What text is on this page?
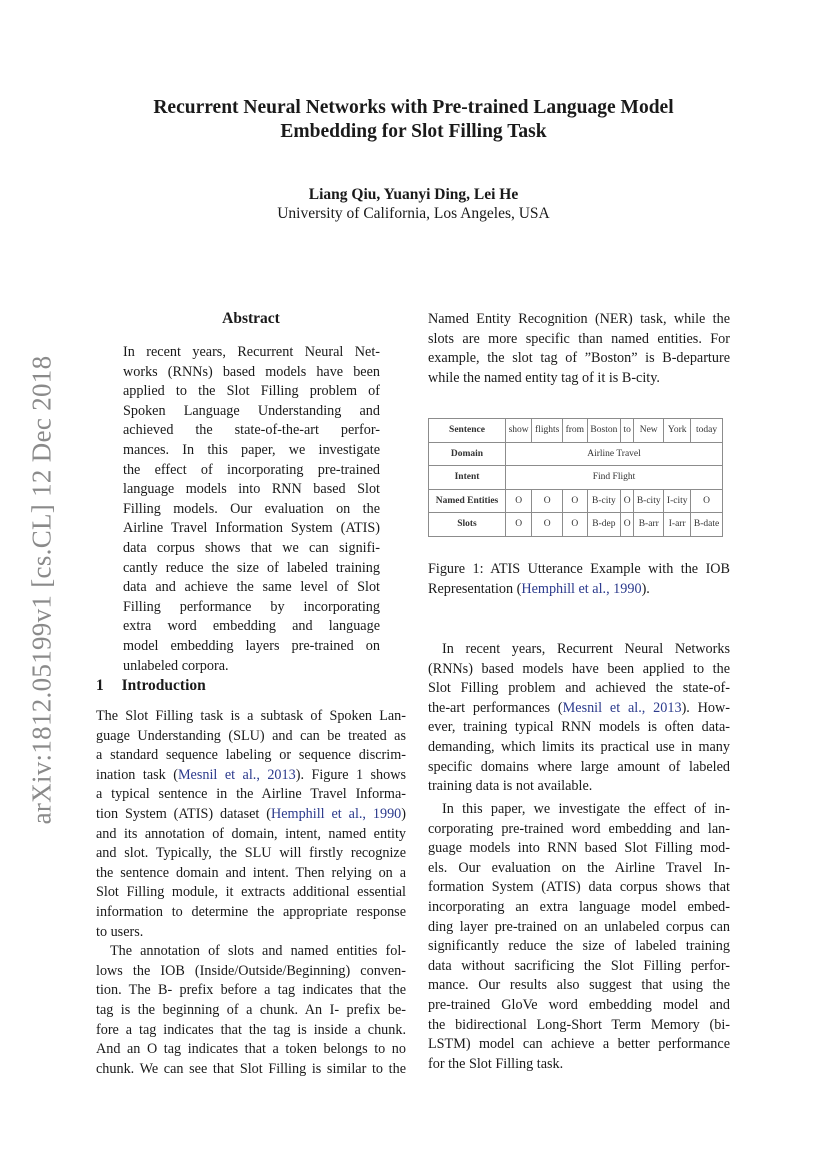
Recurrent Neural Networks with Pre-trained Language Model
Embedding for Slot Filling Task
Liang Qiu, Yuanyi Ding, Lei He
University of California, Los Angeles, USA
arXiv:1812.05199v1 [cs.CL] 12 Dec 2018
Abstract
In recent years, Recurrent Neural Net-
works (RNNs) based models have been
applied to the Slot Filling problem of
Spoken Language Understanding and
achieved the state-of-the-art perfor-
mances. In this paper, we investigate
the effect of incorporating pre-trained
language models into RNN based Slot
Filling models. Our evaluation on the
Airline Travel Information System (ATIS)
data corpus shows that we can signifi-
cantly reduce the size of labeled training
data and achieve the same level of Slot
Filling performance by incorporating
extra word embedding and language
model embedding layers pre-trained on
unlabeled corpora.
1 Introduction
The Slot Filling task is a subtask of Spoken Lan-
guage Understanding (SLU) and can be treated as
a standard sequence labeling or sequence discrim-
ination task (Mesnil et al., 2013). Figure 1 shows
a typical sentence in the Airline Travel Informa-
tion System (ATIS) dataset (Hemphill et al., 1990)
and its annotation of domain, intent, named entity
and slot. Typically, the SLU will firstly recognize
the sentence domain and intent. Then relying on a
Slot Filling module, it extracts additional essential
information to determine the appropriate response
to users.
The annotation of slots and named entities fol-
lows the IOB (Inside/Outside/Beginning) conven-
tion. The B- prefix before a tag indicates that the
tag is the beginning of a chunk. An I- prefix be-
fore a tag indicates that the tag is inside a chunk.
And an O tag indicates that a token belongs to no
chunk. We can see that Slot Filling is similar to the
Named Entity Recognition (NER) task, while the
slots are more specific than named entities. For
example, the slot tag of ”Boston” is B-departure
while the named entity tag of it is B-city.
Sentence	show	flights	from	Boston	to	New	York	today
Domain	Airline Travel							
Intent	Find Flight							
Named Entities	O	O	O	B-city	O	B-city	I-city	O
Slots	O	O	O	B-dep	O	B-arr	I-arr	B-date
Figure 1: ATIS Utterance Example with the IOB
Representation (Hemphill et al., 1990).
In recent years, Recurrent Neural Networks
(RNNs) based models have been applied to the
Slot Filling problem and achieved the state-of-
the-art performances (Mesnil et al., 2013). How-
ever, training typical RNN models is often data-
demanding, which limits its practical use in many
specific domains where large amount of labeled
training data is not available.
In this paper, we investigate the effect of in-
corporating pre-trained word embedding and lan-
guage models into RNN based Slot Filling mod-
els. Our evaluation on the Airline Travel In-
formation System (ATIS) data corpus shows that
incorporating an extra language model embed-
ding layer pre-trained on an unlabeled corpus can
significantly reduce the size of labeled training
data without sacrificing the Slot Filling perfor-
mance. Our results also suggest that using the
pre-trained GloVe word embedding model and
the bidirectional Long-Short Term Memory (bi-
LSTM) model can achieve a better performance
for the Slot Filling task.
